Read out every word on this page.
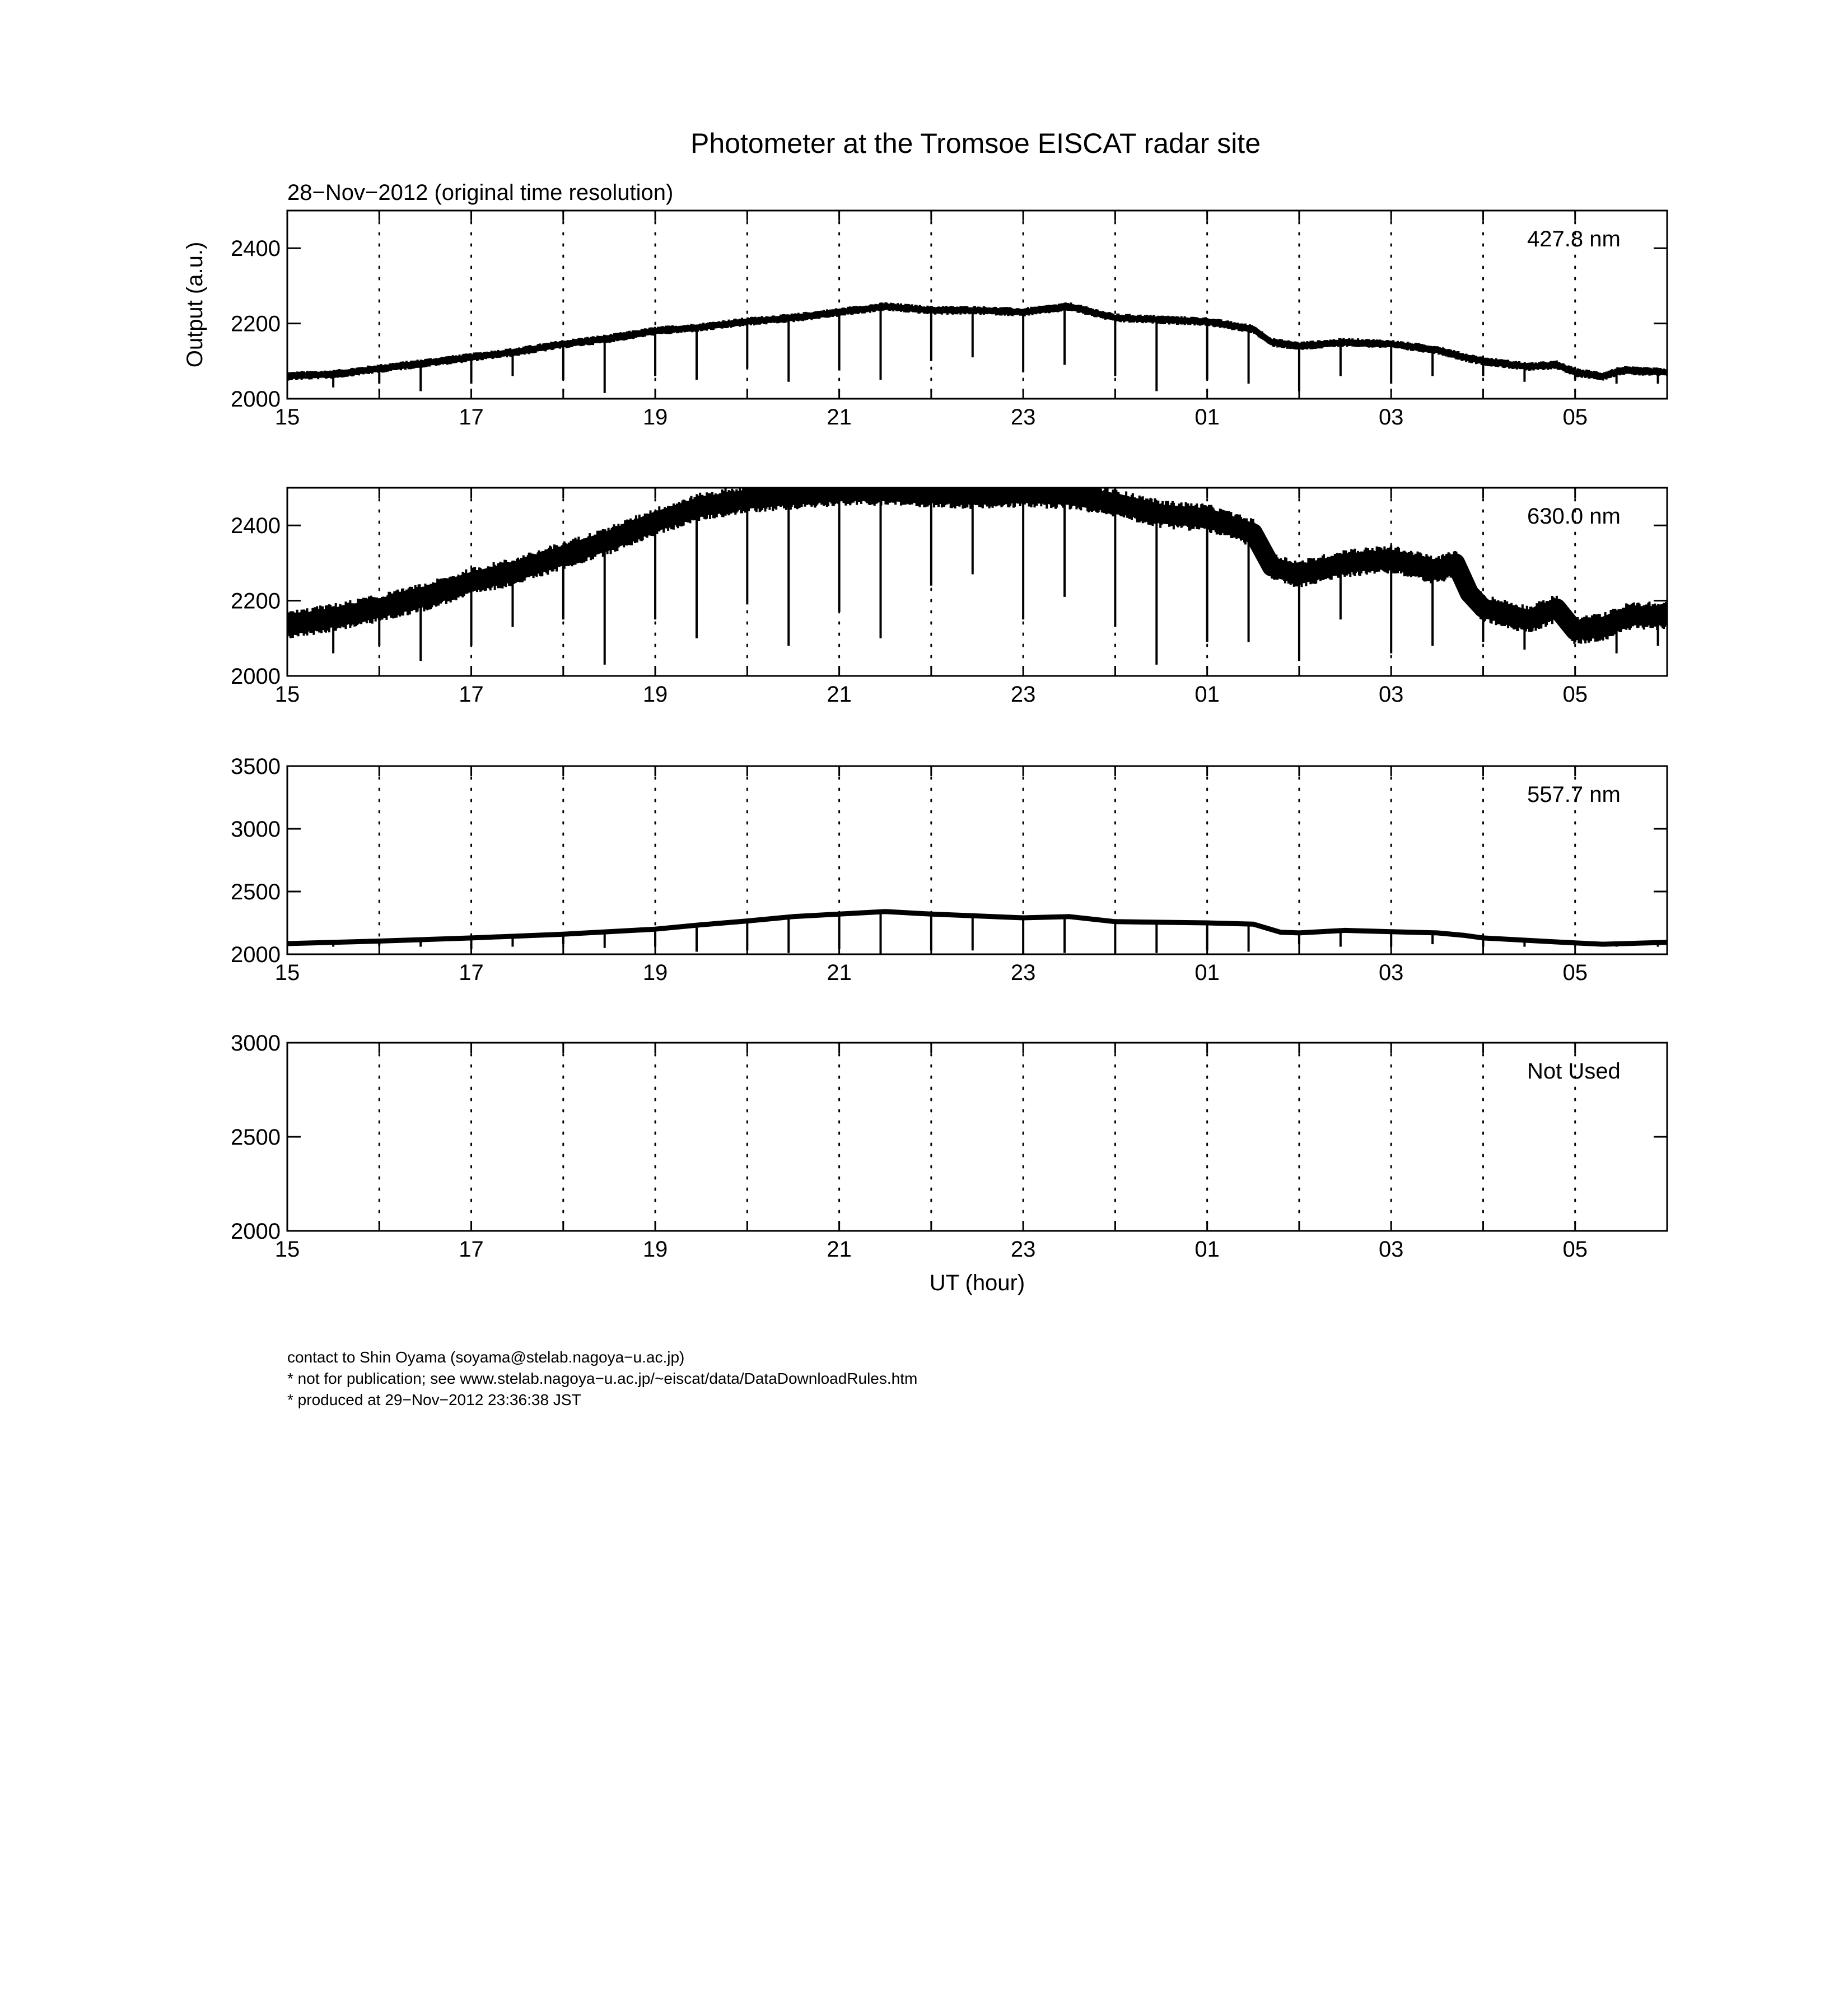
Photometer at the Tromsoe EISCAT radar site
28−Nov−2012 (original time resolution)
15	17	19	21	23	01	03	05
2000
2200
2400	427.8 nm
Output (a.u.)
15	17	19	21	23	01	03	05
2000
2200
2400	630.0 nm
15	17	19	21	23	01	03	05
2000
2500
3000
3500
557.7 nm
15	17	19	21	23	01	03	05
2000
2500
3000
Not Used
UT (hour)
contact to Shin Oyama (soyama@stelab.nagoya−u.ac.jp)
* not for publication; see www.stelab.nagoya−u.ac.jp/~eiscat/data/DataDownloadRules.htm
* produced at 29−Nov−2012 23:36:38 JST
